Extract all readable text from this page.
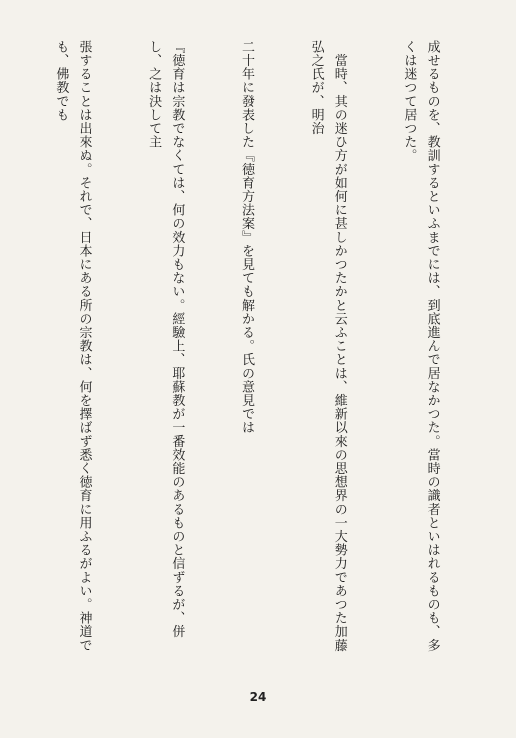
成せるものを、教訓するといふまでには、到底進んで居なかつた。當時の識者といはれるものも、多くは迷つて居つた。

　當時、其の迷ひ方が如何に甚しかつたかと云ふことは、維新以來の思想界の一大勢力であつた加藤弘之氏が、明治

二十年に發表した『徳育方法案』を見ても解かる。氏の意見では

『徳育は宗教でなくては、何の效力もない。經驗上、耶蘇教が一番效能のあるものと信ずるが、併し、之は決して主

張することは出來ぬ。それで、日本にある所の宗教は、何を擇ばず悉く徳育に用ふるがよい。神道でも、佛教でも

24
